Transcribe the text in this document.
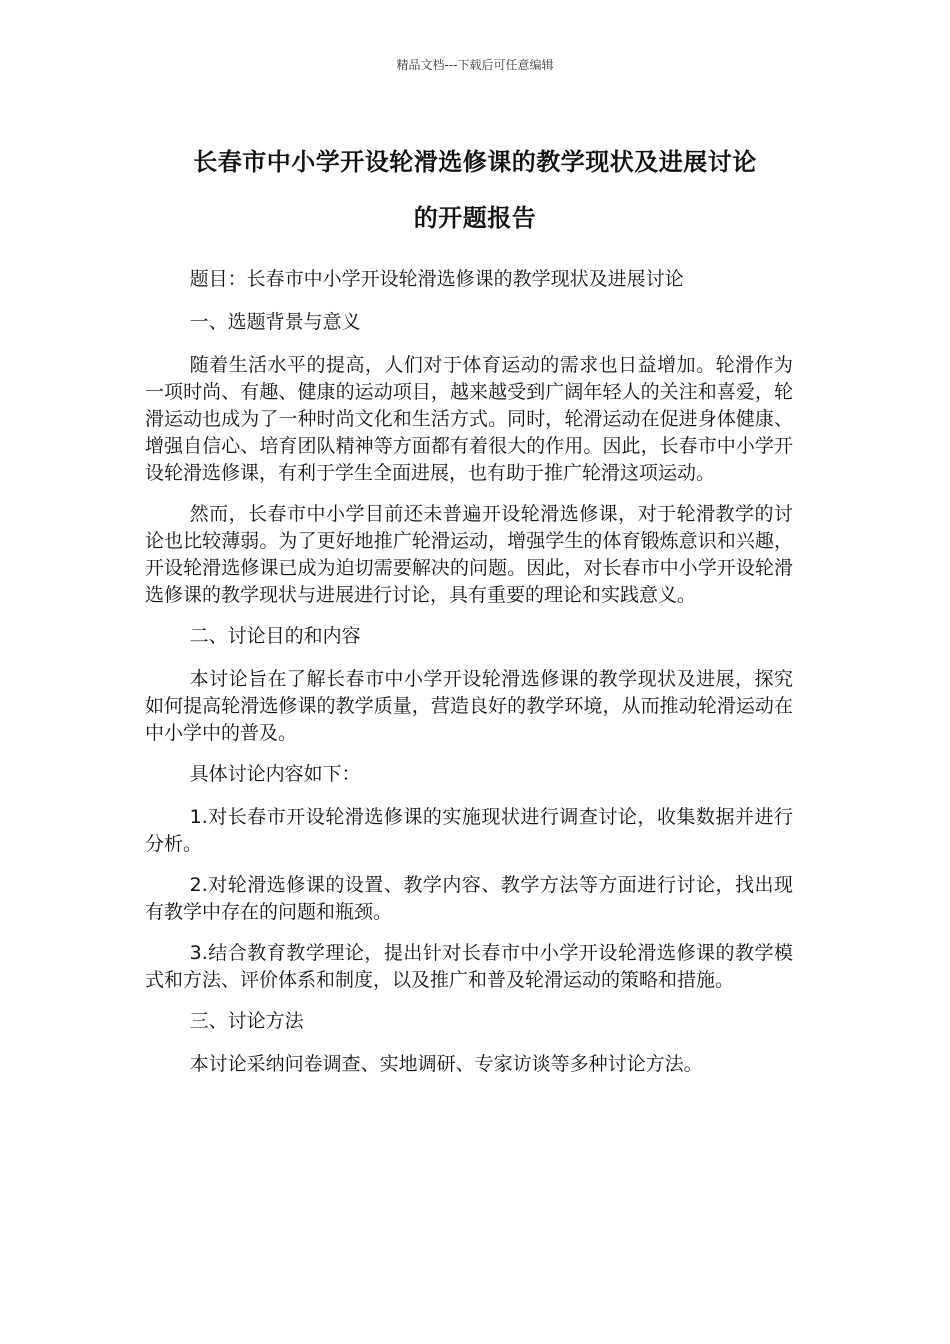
精品文档---下载后可任意编辑
长春市中小学开设轮滑选修课的教学现状及进展讨论
的开题报告

题目：长春市中小学开设轮滑选修课的教学现状及进展讨论

一、选题背景与意义

随着生活水平的提高，人们对于体育运动的需求也日益增加。轮滑作为一项时尚、有趣、健康的运动项目，越来越受到广阔年轻人的关注和喜爱，轮滑运动也成为了一种时尚文化和生活方式。同时，轮滑运动在促进身体健康、增强自信心、培育团队精神等方面都有着很大的作用。因此，长春市中小学开设轮滑选修课，有利于学生全面进展，也有助于推广轮滑这项运动。

然而，长春市中小学目前还未普遍开设轮滑选修课，对于轮滑教学的讨论也比较薄弱。为了更好地推广轮滑运动，增强学生的体育锻炼意识和兴趣，开设轮滑选修课已成为迫切需要解决的问题。因此，对长春市中小学开设轮滑选修课的教学现状与进展进行讨论，具有重要的理论和实践意义。

二、讨论目的和内容

本讨论旨在了解长春市中小学开设轮滑选修课的教学现状及进展，探究如何提高轮滑选修课的教学质量，营造良好的教学环境，从而推动轮滑运动在中小学中的普及。

具体讨论内容如下：

1.对长春市开设轮滑选修课的实施现状进行调查讨论，收集数据并进行分析。

2.对轮滑选修课的设置、教学内容、教学方法等方面进行讨论，找出现有教学中存在的问题和瓶颈。

3.结合教育教学理论，提出针对长春市中小学开设轮滑选修课的教学模式和方法、评价体系和制度，以及推广和普及轮滑运动的策略和措施。

三、讨论方法

本讨论采纳问卷调查、实地调研、专家访谈等多种讨论方法。
